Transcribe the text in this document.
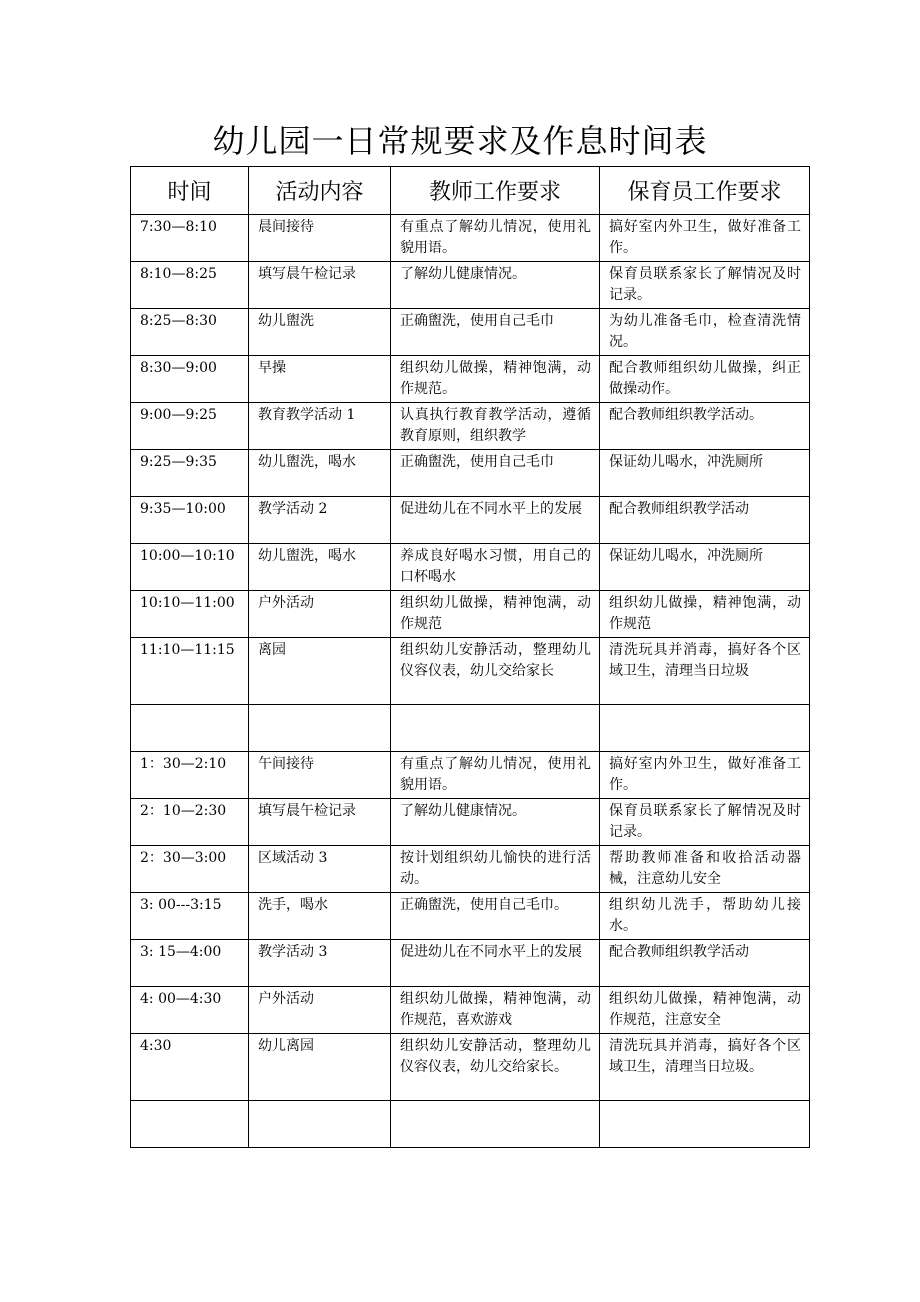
幼儿园一日常规要求及作息时间表
时间	活动内容	教师工作要求	保育员工作要求
7:30—8:10	晨间接待	有重点了解幼儿情况，使用礼貌用语。	搞好室内外卫生，做好准备工作。
8:10—8:25	填写晨午检记录	了解幼儿健康情况。	保育员联系家长了解情况及时记录。
8:25—8:30	幼儿盥洗	正确盥洗，使用自己毛巾	为幼儿准备毛巾，检查清洗情况。
8:30—9:00	早操	组织幼儿做操，精神饱满，动作规范。	配合教师组织幼儿做操，纠正做操动作。
9:00—9:25	教育教学活动 1	认真执行教育教学活动，遵循教育原则，组织教学	配合教师组织教学活动。
9:25—9:35	幼儿盥洗，喝水	正确盥洗，使用自己毛巾	保证幼儿喝水，冲洗厕所
9:35—10:00	教学活动 2	促进幼儿在不同水平上的发展	配合教师组织教学活动
10:00—10:10	幼儿盥洗，喝水	养成良好喝水习惯，用自己的口杯喝水	保证幼儿喝水，冲洗厕所
10:10—11:00	户外活动	组织幼儿做操，精神饱满，动作规范	组织幼儿做操，精神饱满，动作规范
11:10—11:15	离园	组织幼儿安静活动，整理幼儿仪容仪表，幼儿交给家长	清洗玩具并消毒，搞好各个区域卫生，清理当日垃圾

1：30—2:10	午间接待	有重点了解幼儿情况，使用礼貌用语。	搞好室内外卫生，做好准备工作。
2：10—2:30	填写晨午检记录	了解幼儿健康情况。	保育员联系家长了解情况及时记录。
2：30—3:00	区域活动 3	按计划组织幼儿愉快的进行活动。	帮助教师准备和收拾活动器械，注意幼儿安全
3: 00---3:15	洗手，喝水	正确盥洗，使用自己毛巾。	组织幼儿洗手，帮助幼儿接水。
3: 15—4:00	教学活动 3	促进幼儿在不同水平上的发展	配合教师组织教学活动
4: 00—4:30	户外活动	组织幼儿做操，精神饱满，动作规范，喜欢游戏	组织幼儿做操，精神饱满，动作规范，注意安全
4:30	幼儿离园	组织幼儿安静活动，整理幼儿仪容仪表，幼儿交给家长。	清洗玩具并消毒，搞好各个区域卫生，清理当日垃圾。
